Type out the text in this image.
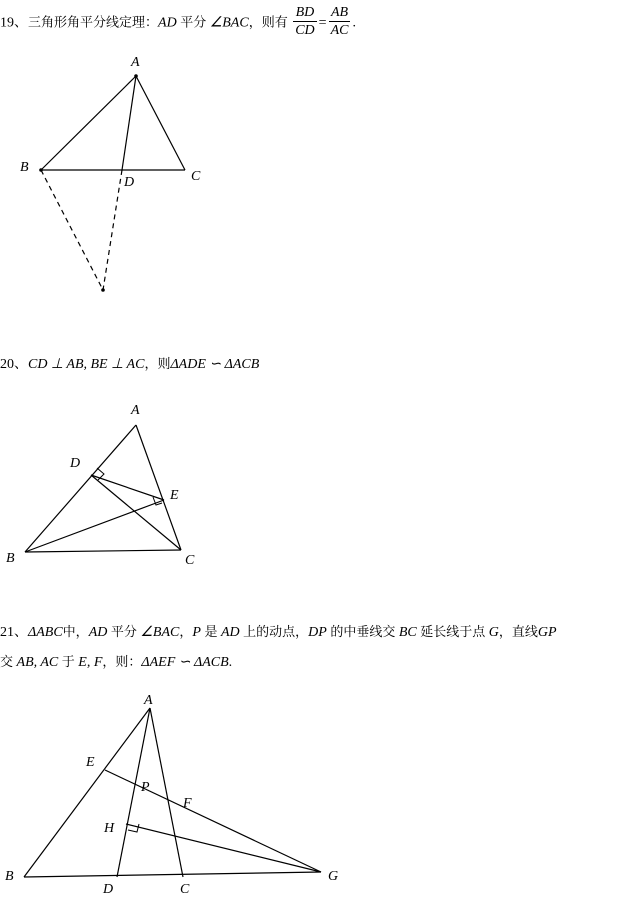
19、三角形角平分线定理：AD 平分 ∠BAC，则有 $\frac{BD}{CD} = \frac{AB}{AC}$ .
A
B
C
D
20、CD ⊥ AB, BE ⊥ AC，则ΔADE ∽ ΔACB
A
B	C
D
E
21、ΔABC中，AD 平分 ∠BAC，P 是 AD 上的动点，DP 的中垂线交 BC 延长线于点 G，直线GP
交 AB, AC 于 E, F，则：ΔAEF ∽ ΔACB.
A
B
C
D
E
F
G
H
P
